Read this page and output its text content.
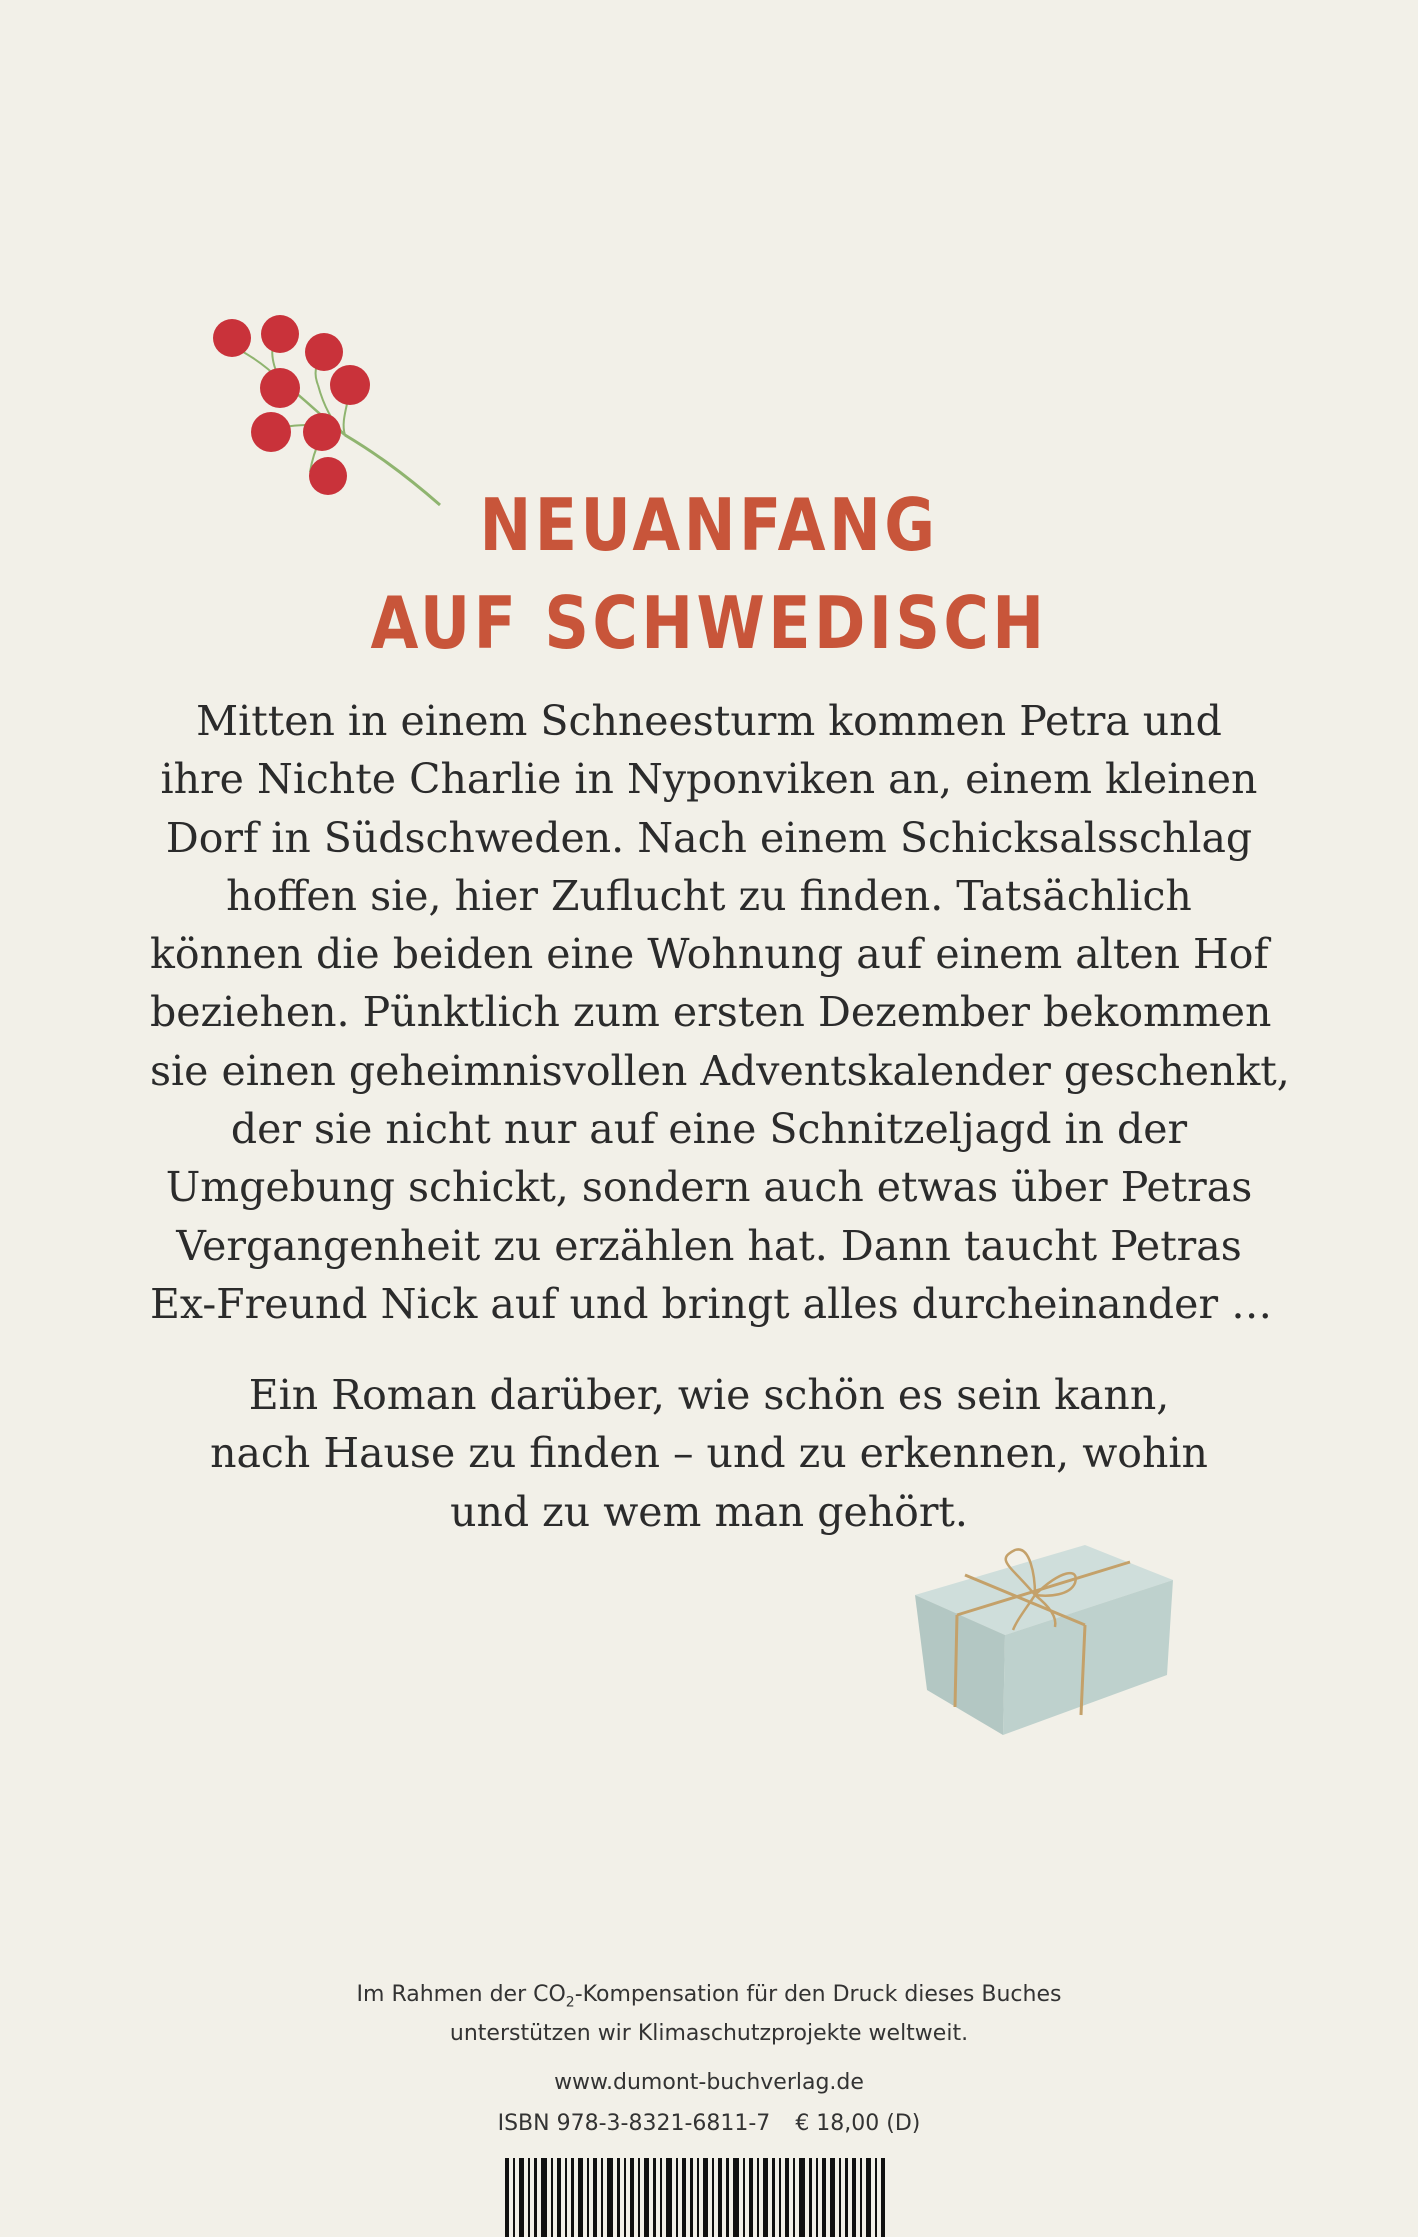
NEUANFANG
AUF SCHWEDISCH
Mitten in einem Schneesturm kommen Petra und
ihre Nichte Charlie in Nyponviken an, einem kleinen
Dorf in Südschweden. Nach einem Schicksalsschlag
hoffen sie, hier Zuflucht zu finden. Tatsächlich
können die beiden eine Wohnung auf einem alten Hof
beziehen. Pünktlich zum ersten Dezember bekommen
sie einen geheimnisvollen Adventskalender geschenkt,
der sie nicht nur auf eine Schnitzeljagd in der
Umgebung schickt, sondern auch etwas über Petras
Vergangenheit zu erzählen hat. Dann taucht Petras
Ex-Freund Nick auf und bringt alles durcheinander …
Ein Roman darüber, wie schön es sein kann,
nach Hause zu finden – und zu erkennen, wohin
und zu wem man gehört.
Im Rahmen der $CO_2$-Kompensation für den Druck dieses Buches
unterstützen wir Klimaschutzprojekte weltweit.
www.dumont-buchverlag.de
ISBN 978-3-8321-6811-7 € 18,00 (D)
